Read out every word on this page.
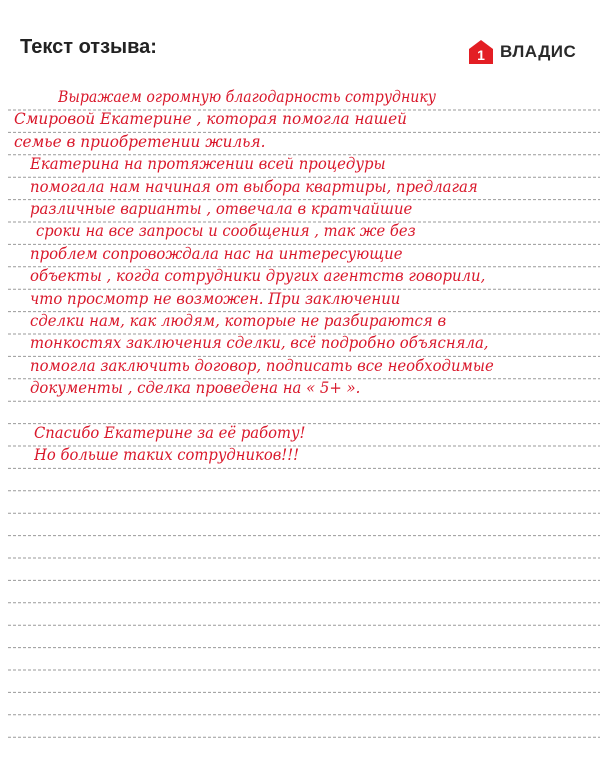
Текст отзыва:	1 ВЛАДИС
Выражаем огромную благодарность сотруднику
Смировой Екатерине , которая помогла нашей
семье в приобретении жилья.
Екатерина на протяжении всей процедуры
помогала нам начиная от выбора квартиры, предлагая
различные варианты , отвечала в кратчайшие
сроки на все запросы и сообщения , так же без
проблем сопровождала нас на интересующие
объекты , когда сотрудники других агентств говорили,
что просмотр не возможен. При заключении
сделки нам, как людям, которые не разбираются в
тонкостях заключения сделки, всё подробно объясняла,
помогла заключить договор, подписать все необходимые
документы , сделка проведена на « 5+ ».
Спасибо Екатерине за её работу!
Но больше таких сотрудников!!!
